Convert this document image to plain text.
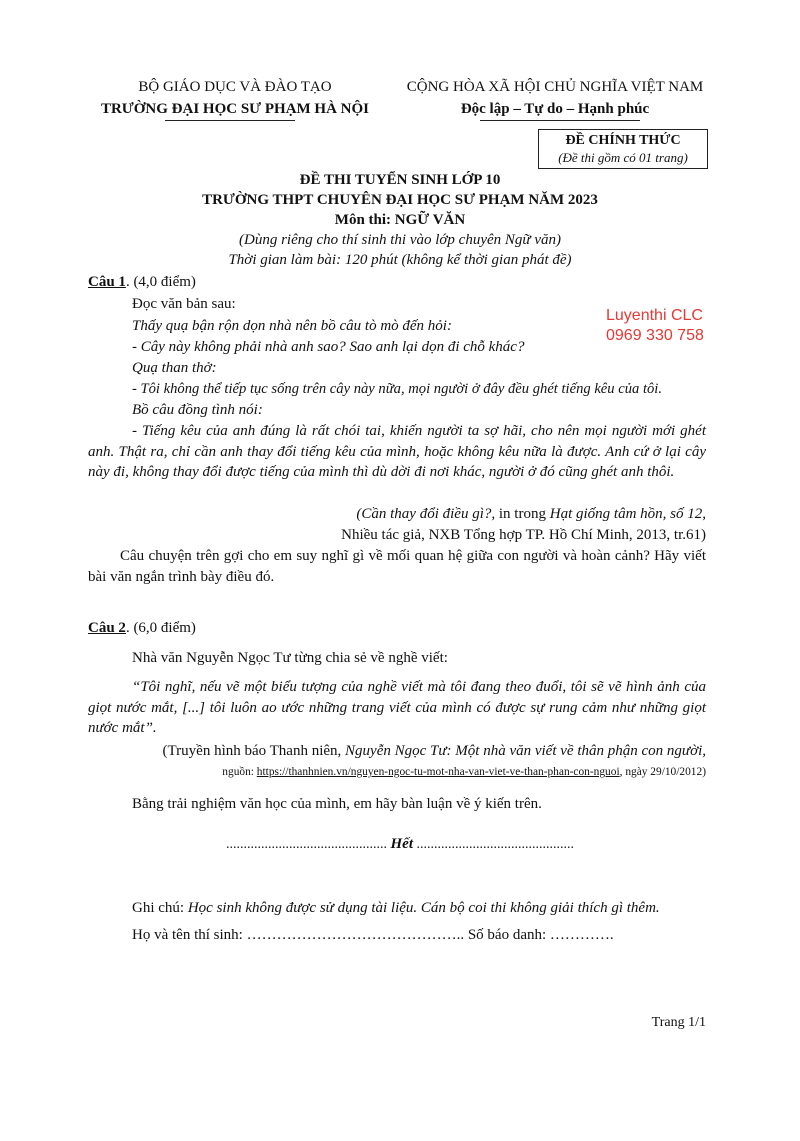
BỘ GIÁO DỤC VÀ ĐÀO TẠO
TRƯỜNG ĐẠI HỌC SƯ PHẠM HÀ NỘI
CỘNG HÒA XÃ HỘI CHỦ NGHĨA VIỆT NAM
Độc lập – Tự do – Hạnh phúc
ĐỀ CHÍNH THỨC
(Đề thi gồm có 01 trang)
ĐỀ THI TUYỂN SINH LỚP 10
TRƯỜNG THPT CHUYÊN ĐẠI HỌC SƯ PHẠM NĂM 2023
Môn thi: NGỮ VĂN
(Dùng riêng cho thí sinh thi vào lớp chuyên Ngữ văn)
Thời gian làm bài: 120 phút (không kể thời gian phát đề)
Luyenthi CLC
0969 330 758
Câu 1. (4,0 điểm)
Đọc văn bản sau:
Thấy quạ bận rộn dọn nhà nên bồ câu tò mò đến hỏi:
- Cây này không phải nhà anh sao? Sao anh lại dọn đi chỗ khác?
Quạ than thở:
- Tôi không thể tiếp tục sống trên cây này nữa, mọi người ở đây đều ghét tiếng kêu của tôi.
Bồ câu đồng tình nói:
- Tiếng kêu của anh đúng là rất chói tai, khiến người ta sợ hãi, cho nên mọi người mới ghét anh. Thật ra, chỉ cần anh thay đổi tiếng kêu của mình, hoặc không kêu nữa là được. Anh cứ ở lại cây này đi, không thay đổi được tiếng của mình thì dù dời đi nơi khác, người ở đó cũng ghét anh thôi.
(Cần thay đổi điều gì?, in trong Hạt giống tâm hồn, số 12,
Nhiều tác giả, NXB Tổng hợp TP. Hồ Chí Minh, 2013, tr.61)
Câu chuyện trên gợi cho em suy nghĩ gì về mối quan hệ giữa con người và hoàn cảnh? Hãy viết bài văn ngắn trình bày điều đó.
Câu 2. (6,0 điểm)
Nhà văn Nguyễn Ngọc Tư từng chia sẻ về nghề viết:
“Tôi nghĩ, nếu vẽ một biểu tượng của nghề viết mà tôi đang theo đuổi, tôi sẽ vẽ hình ảnh của giọt nước mắt, [...] tôi luôn ao ước những trang viết của mình có được sự rung cảm như những giọt nước mắt”.
(Truyền hình báo Thanh niên, Nguyễn Ngọc Tư: Một nhà văn viết về thân phận con người,
nguồn: https://thanhnien.vn/nguyen-ngoc-tu-mot-nha-van-viet-ve-than-phan-con-nguoi, ngày 29/10/2012)
Bằng trải nghiệm văn học của mình, em hãy bàn luận về ý kiến trên.
.............................................. Hết .............................................
Ghi chú: Học sinh không được sử dụng tài liệu. Cán bộ coi thi không giải thích gì thêm.
Họ và tên thí sinh: …………………………………….. Số báo danh: ………….
Trang 1/1
